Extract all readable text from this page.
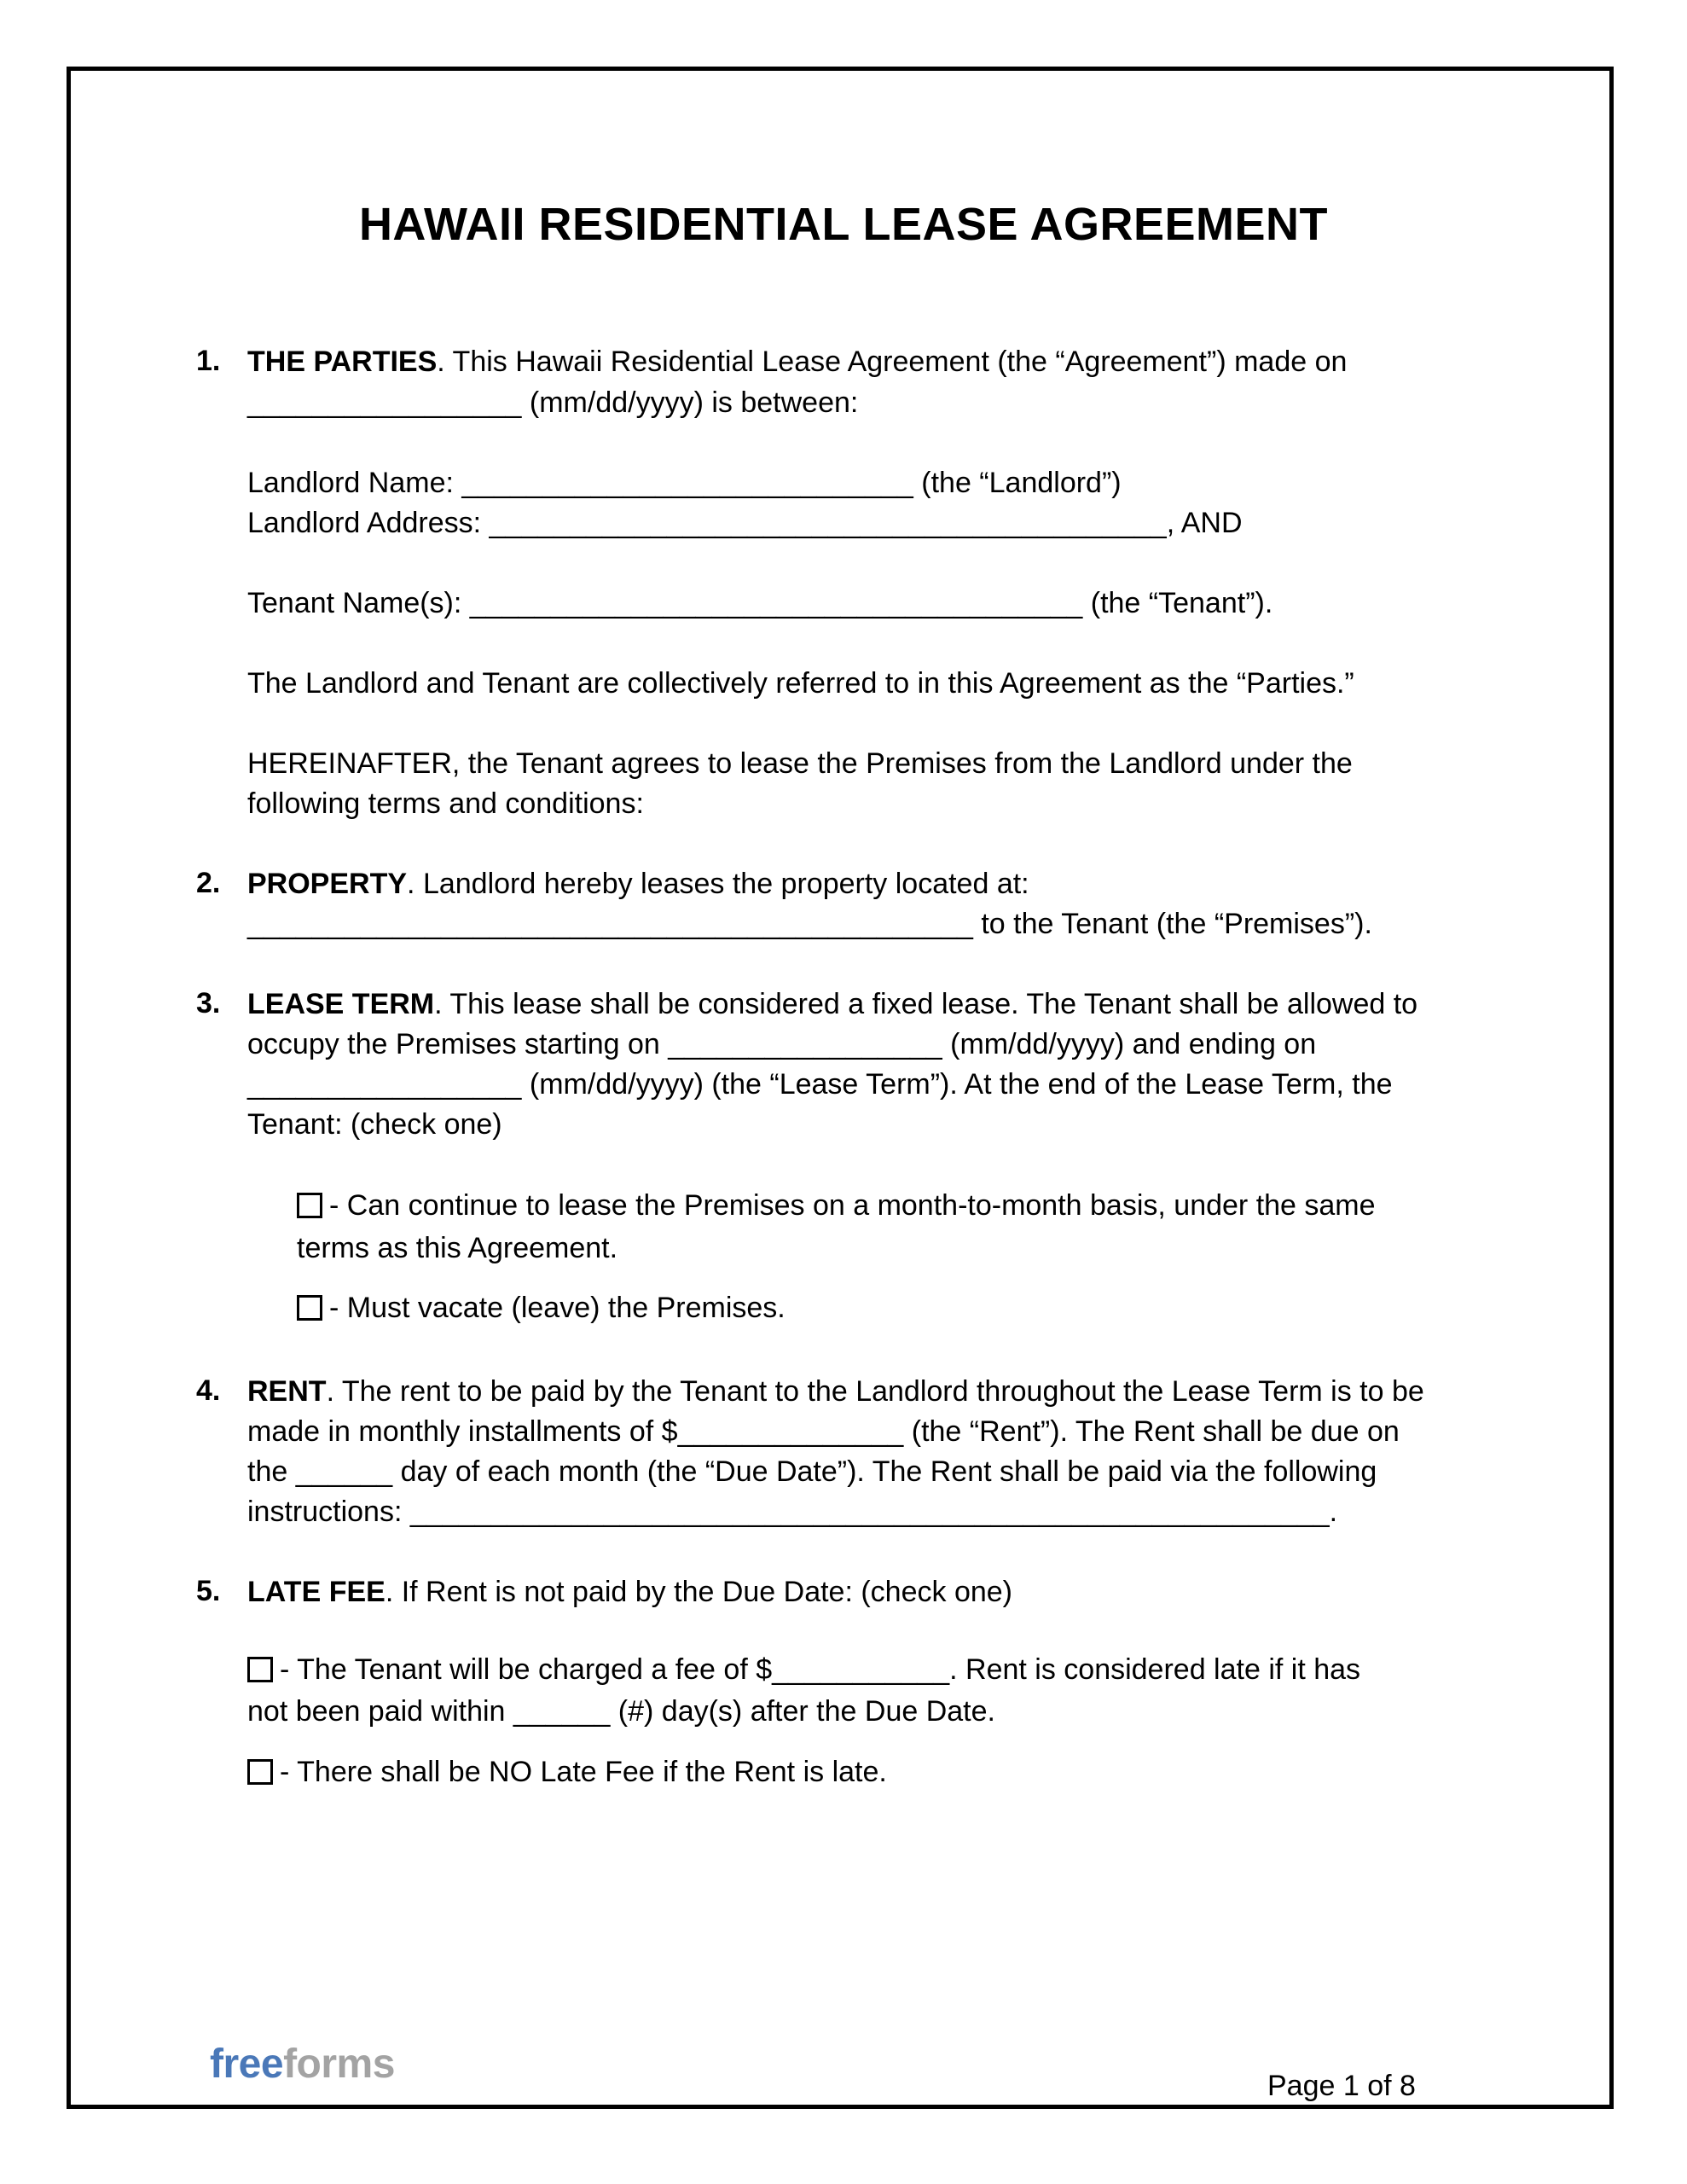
HAWAII RESIDENTIAL LEASE AGREEMENT
1. THE PARTIES. This Hawaii Residential Lease Agreement (the “Agreement”) made on
_________________ (mm/dd/yyyy) is between:
Landlord Name: ____________________________ (the “Landlord”)
Landlord Address: __________________________________________, AND
Tenant Name(s): ______________________________________ (the “Tenant”).
The Landlord and Tenant are collectively referred to in this Agreement as the “Parties.”
HEREINAFTER, the Tenant agrees to lease the Premises from the Landlord under the
following terms and conditions:
2. PROPERTY. Landlord hereby leases the property located at:
_____________________________________________ to the Tenant (the “Premises”).
3. LEASE TERM. This lease shall be considered a fixed lease. The Tenant shall be allowed to
occupy the Premises starting on _________________ (mm/dd/yyyy) and ending on
_________________ (mm/dd/yyyy) (the “Lease Term”). At the end of the Lease Term, the
Tenant: (check one)
- Can continue to lease the Premises on a month-to-month basis, under the same
terms as this Agreement.
- Must vacate (leave) the Premises.
4. RENT. The rent to be paid by the Tenant to the Landlord throughout the Lease Term is to be
made in monthly installments of $______________ (the “Rent”). The Rent shall be due on
the ______ day of each month (the “Due Date”). The Rent shall be paid via the following
instructions: _________________________________________________________.
5. LATE FEE. If Rent is not paid by the Due Date: (check one)
- The Tenant will be charged a fee of $___________. Rent is considered late if it has
not been paid within ______ (#) day(s) after the Due Date.
- There shall be NO Late Fee if the Rent is late.
freeforms	Page 1 of 8
